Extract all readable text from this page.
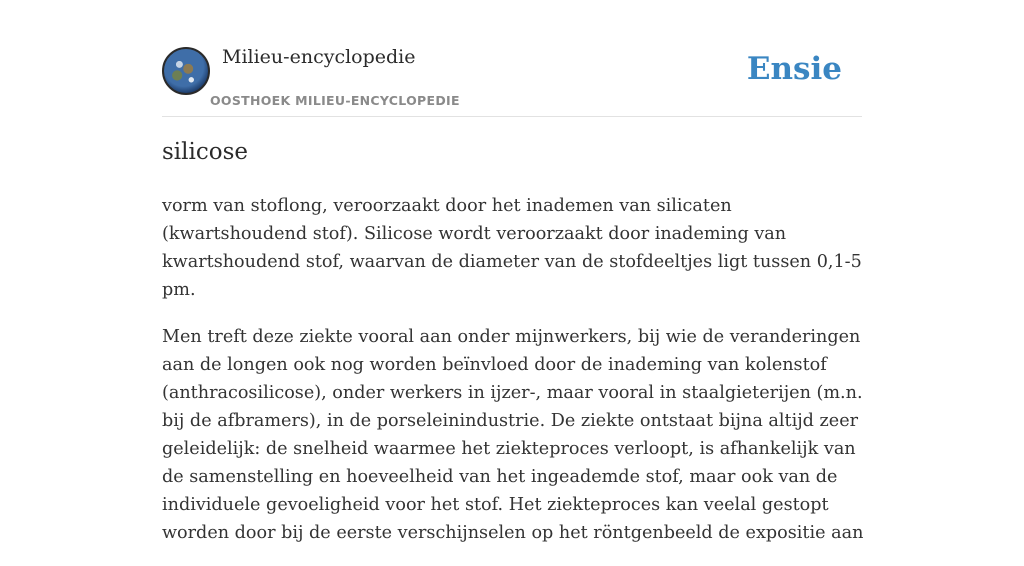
Milieu-encyclopedie
OOSTHOEK MILIEU-ENCYCLOPEDIE
Ensie
silicose

vorm van stoflong, veroorzaakt door het inademen van silicaten (kwartshoudend stof). Silicose wordt veroorzaakt door inademing van kwartshoudend stof, waarvan de diameter van de stofdeeltjes ligt tussen 0,1-5 pm.

Men treft deze ziekte vooral aan onder mijnwerkers, bij wie de veranderingen aan de longen ook nog worden beïnvloed door de inademing van kolenstof (anthracosilicose), onder werkers in ijzer-, maar vooral in staalgieterijen (m.n. bij de afbramers), in de porseleinindustrie. De ziekte ontstaat bijna altijd zeer geleidelijk: de snelheid waarmee het ziekteproces verloopt, is afhankelijk van de samenstelling en hoeveelheid van het ingeademde stof, maar ook van de individuele gevoeligheid voor het stof. Het ziekteproces kan veelal gestopt worden door bij de eerste verschijnselen op het röntgenbeeld de expositie aan
